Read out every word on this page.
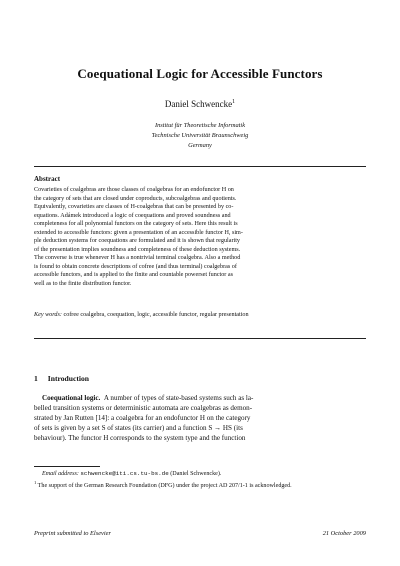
Coequational Logic for Accessible Functors
Daniel Schwencke$^1$
Institut für Theoretische Informatik
Technische Universität Braunschweig
Germany
Abstract
Covarieties of coalgebras are those classes of coalgebras for an endofunctor H on
the category of sets that are closed under coproducts, subcoalgebras and quotients.
Equivalently, covarieties are classes of H-coalgebras that can be presented by co-
equations. Adámek introduced a logic of coequations and proved soundness and
completeness for all polynomial functors on the category of sets. Here this result is
extended to accessible functors: given a presentation of an accessible functor H, sim-
ple deduction systems for coequations are formulated and it is shown that regularity
of the presentation implies soundness and completeness of these deduction systems.
The converse is true whenever H has a nontrivial terminal coalgebra. Also a method
is found to obtain concrete descriptions of cofree (and thus terminal) coalgebras of
accessible functors, and is applied to the finite and countable powerset functor as
well as to the finite distribution functor.
Key words: cofree coalgebra, coequation, logic, accessible functor, regular presentation
1 Introduction
Coequational logic. A number of types of state-based systems such as la-
belled transition systems or deterministic automata are coalgebras as demon-
strated by Jan Rutten [14]: a coalgebra for an endofunctor H on the category
of sets is given by a set S of states (its carrier) and a function S → HS (its
behaviour). The functor H corresponds to the system type and the function
Email address: schwencke@iti.cs.tu-bs.de (Daniel Schwencke).
$^1$ The support of the German Research Foundation (DFG) under the project AD 207/1-1 is acknowledged.
Preprint submitted to Elsevier	21 October 2009
